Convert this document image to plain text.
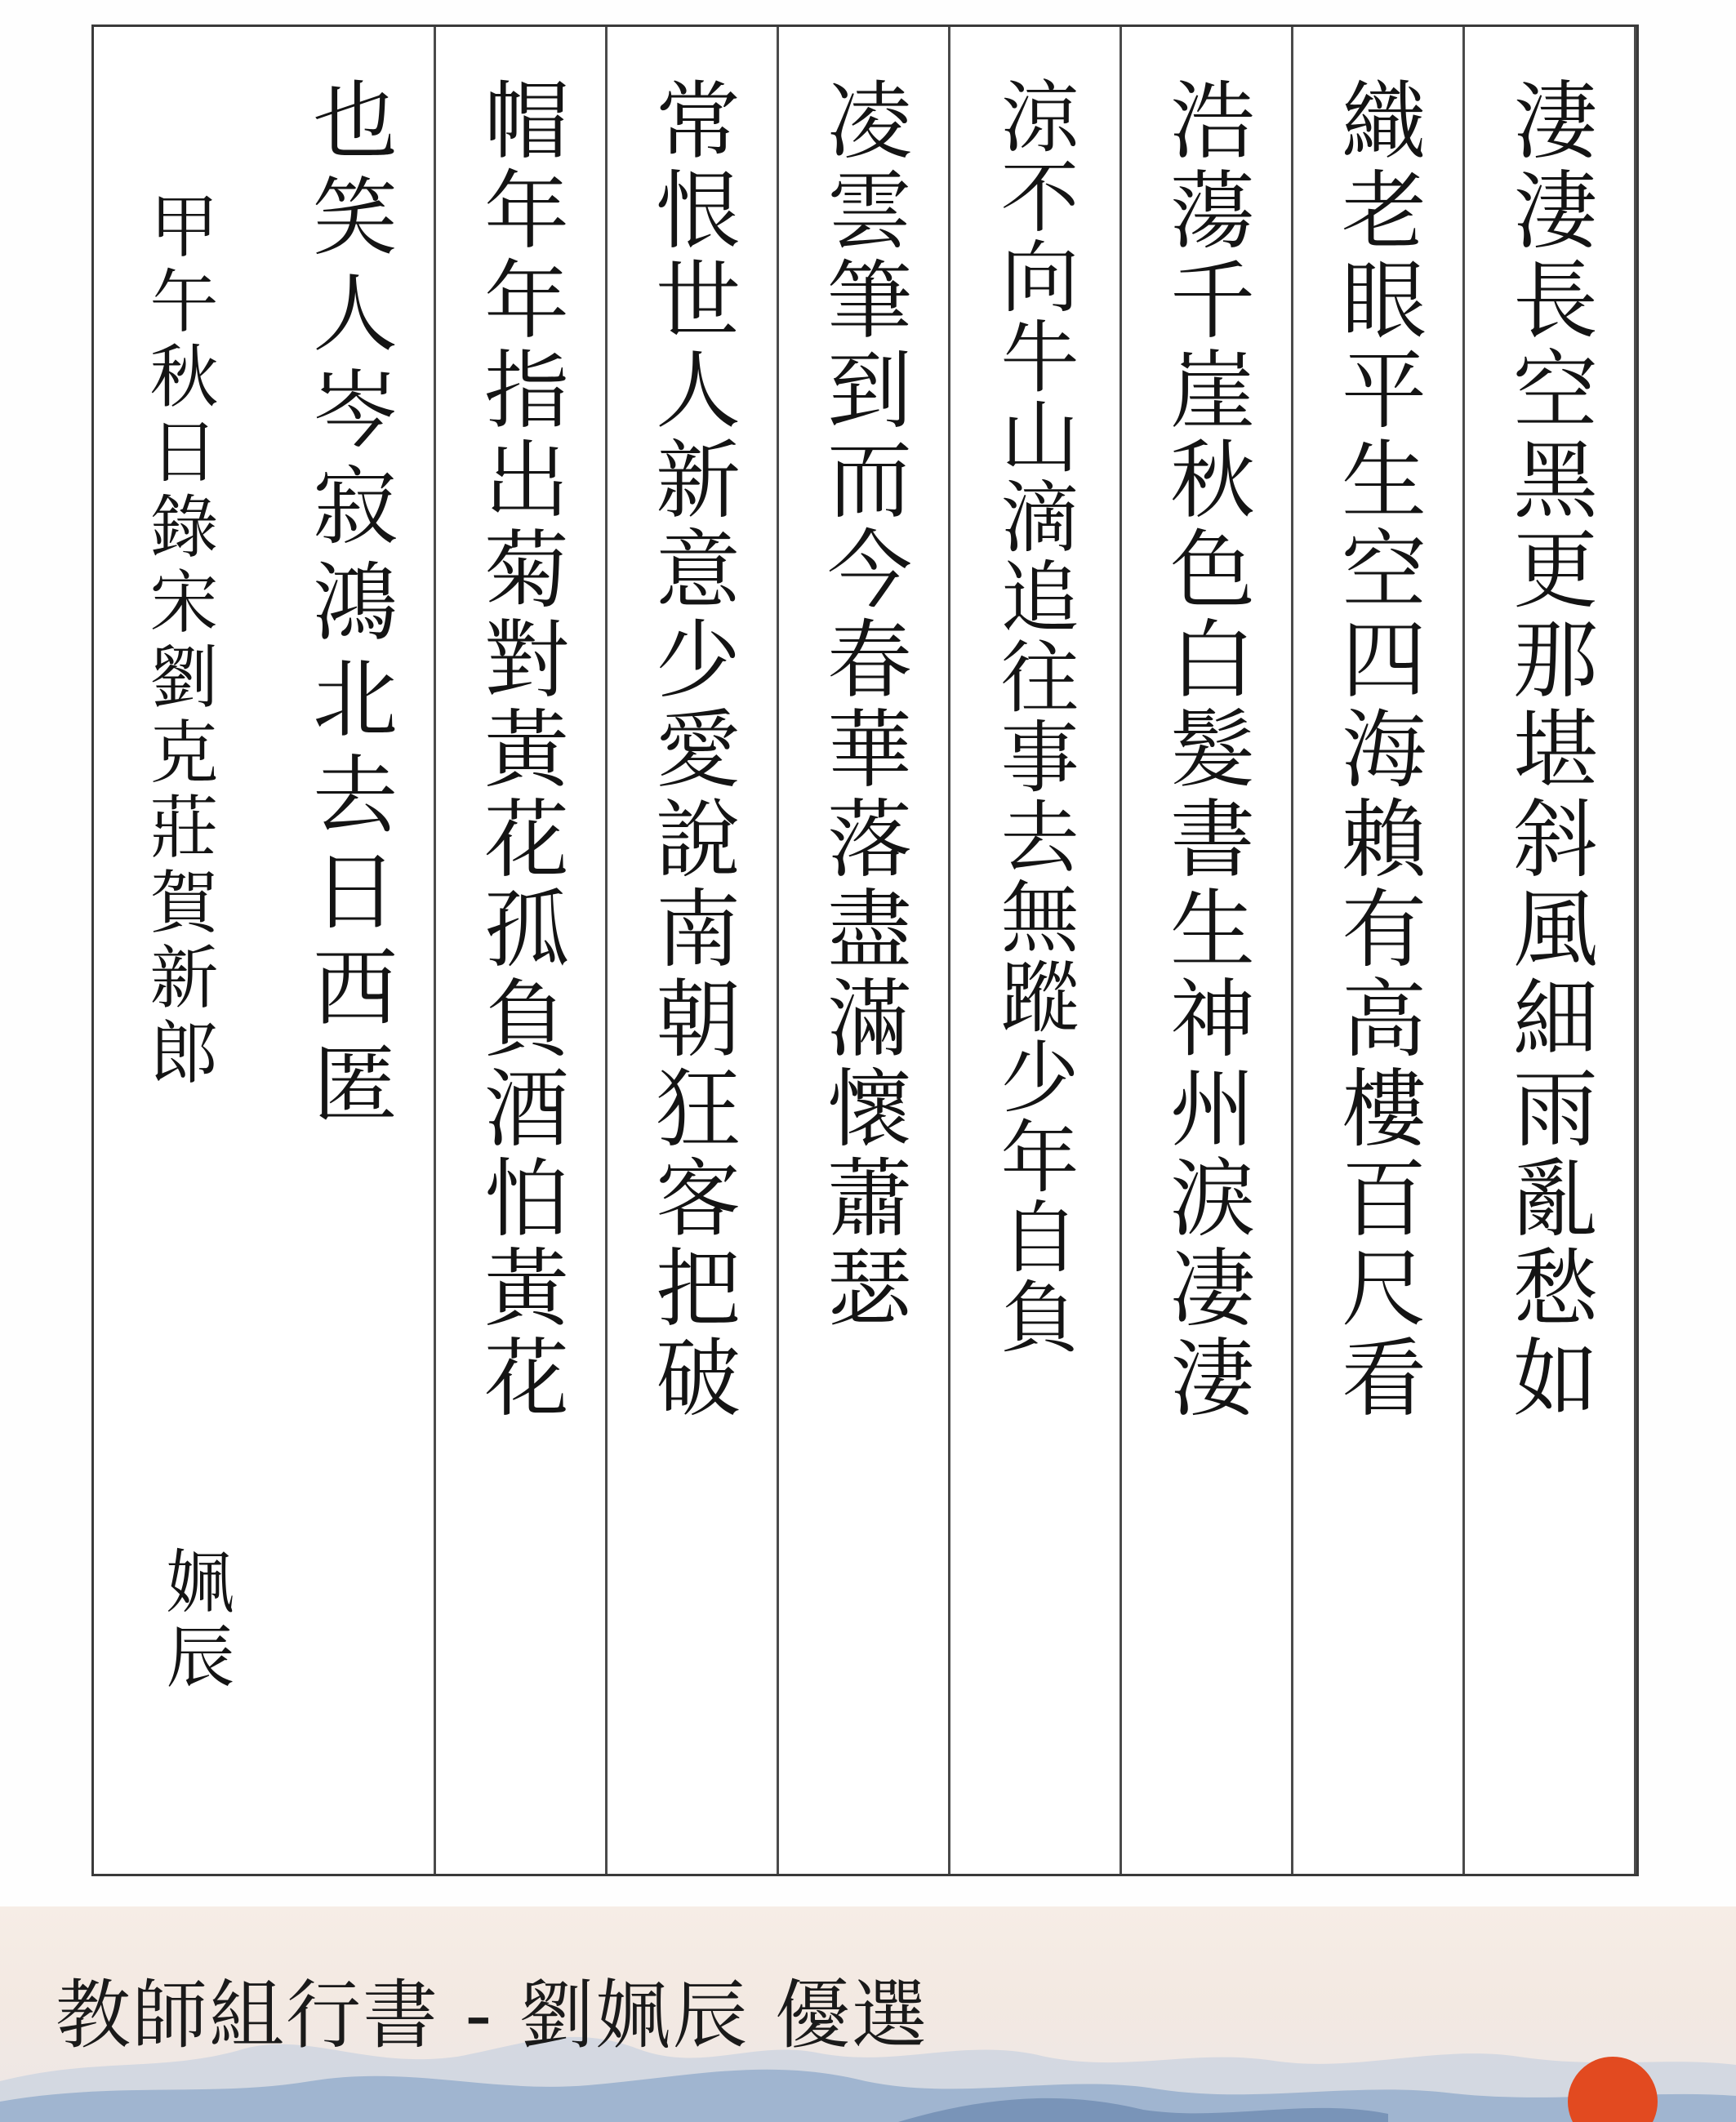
淒淒長空黑更那堪斜風細雨亂愁如
織老眼平生空四海賴有高樓百尺看
浩蕩千崖秋色白髮書生神州淚凄淒
涼不向牛山滴追往事去無蹤少年自負
凌雲筆到而今春華落盡滿懷蕭瑟
常恨世人新意少愛說南朝狂客把破
帽年年指出菊對黃花孤負酒怕黃花
也笑人岑寂鴻北去日西匿
甲午秋日錄宋劉克莊賀新郎
姵辰
教師組行書 - 劉姵辰 優選
